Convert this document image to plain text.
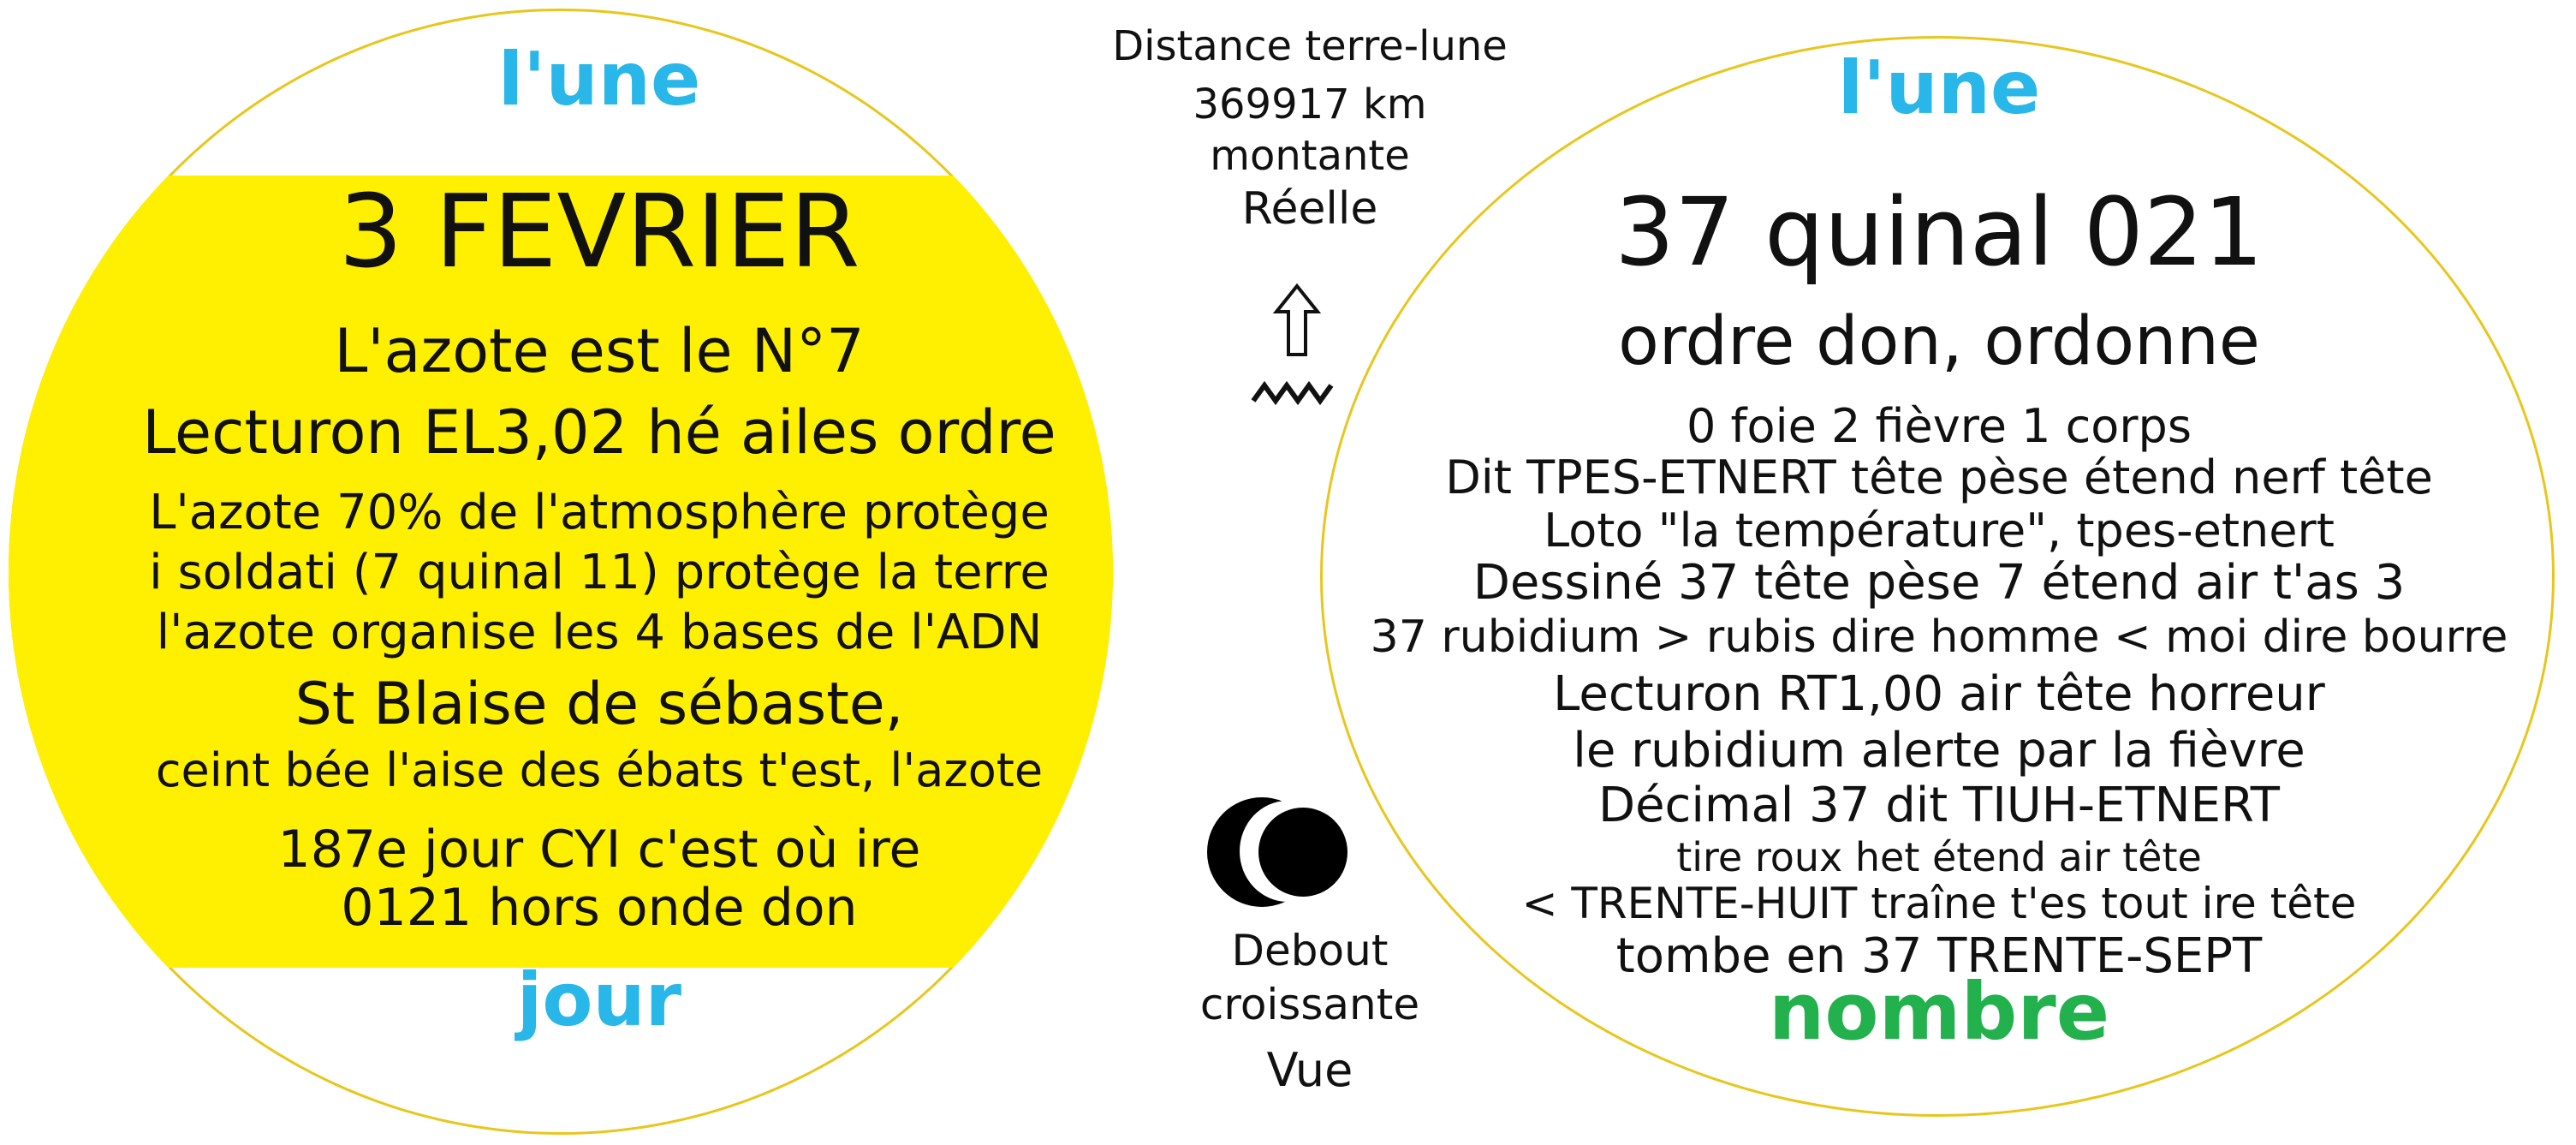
l'une
3 FEVRIER
L'azote est le N°7
Lecturon EL3,02 hé ailes ordre
L'azote 70% de l'atmosphère protège
i soldati (7 quinal 11) protège la terre
l'azote organise les 4 bases de l'ADN
St Blaise de sébaste,
ceint bée l'aise des ébats t'est, l'azote
187e jour CYI c'est où ire
0121 hors onde don
jour
Distance terre-lune
369917 km
montante
Réelle
Debout
croissante
Vue
l'une
37 quinal 021
ordre don, ordonne
0 foie 2 fièvre 1 corps
Dit TPES-ETNERT tête pèse étend nerf tête
Loto "la température", tpes-etnert
Dessiné 37 tête pèse 7 étend air t'as 3
37 rubidium > rubis dire homme < moi dire bourre
Lecturon RT1,00 air tête horreur
le rubidium alerte par la fièvre
Décimal 37 dit TIUH-ETNERT
tire roux het étend air tête
< TRENTE-HUIT traîne t'es tout ire tête
tombe en 37 TRENTE-SEPT
nombre
